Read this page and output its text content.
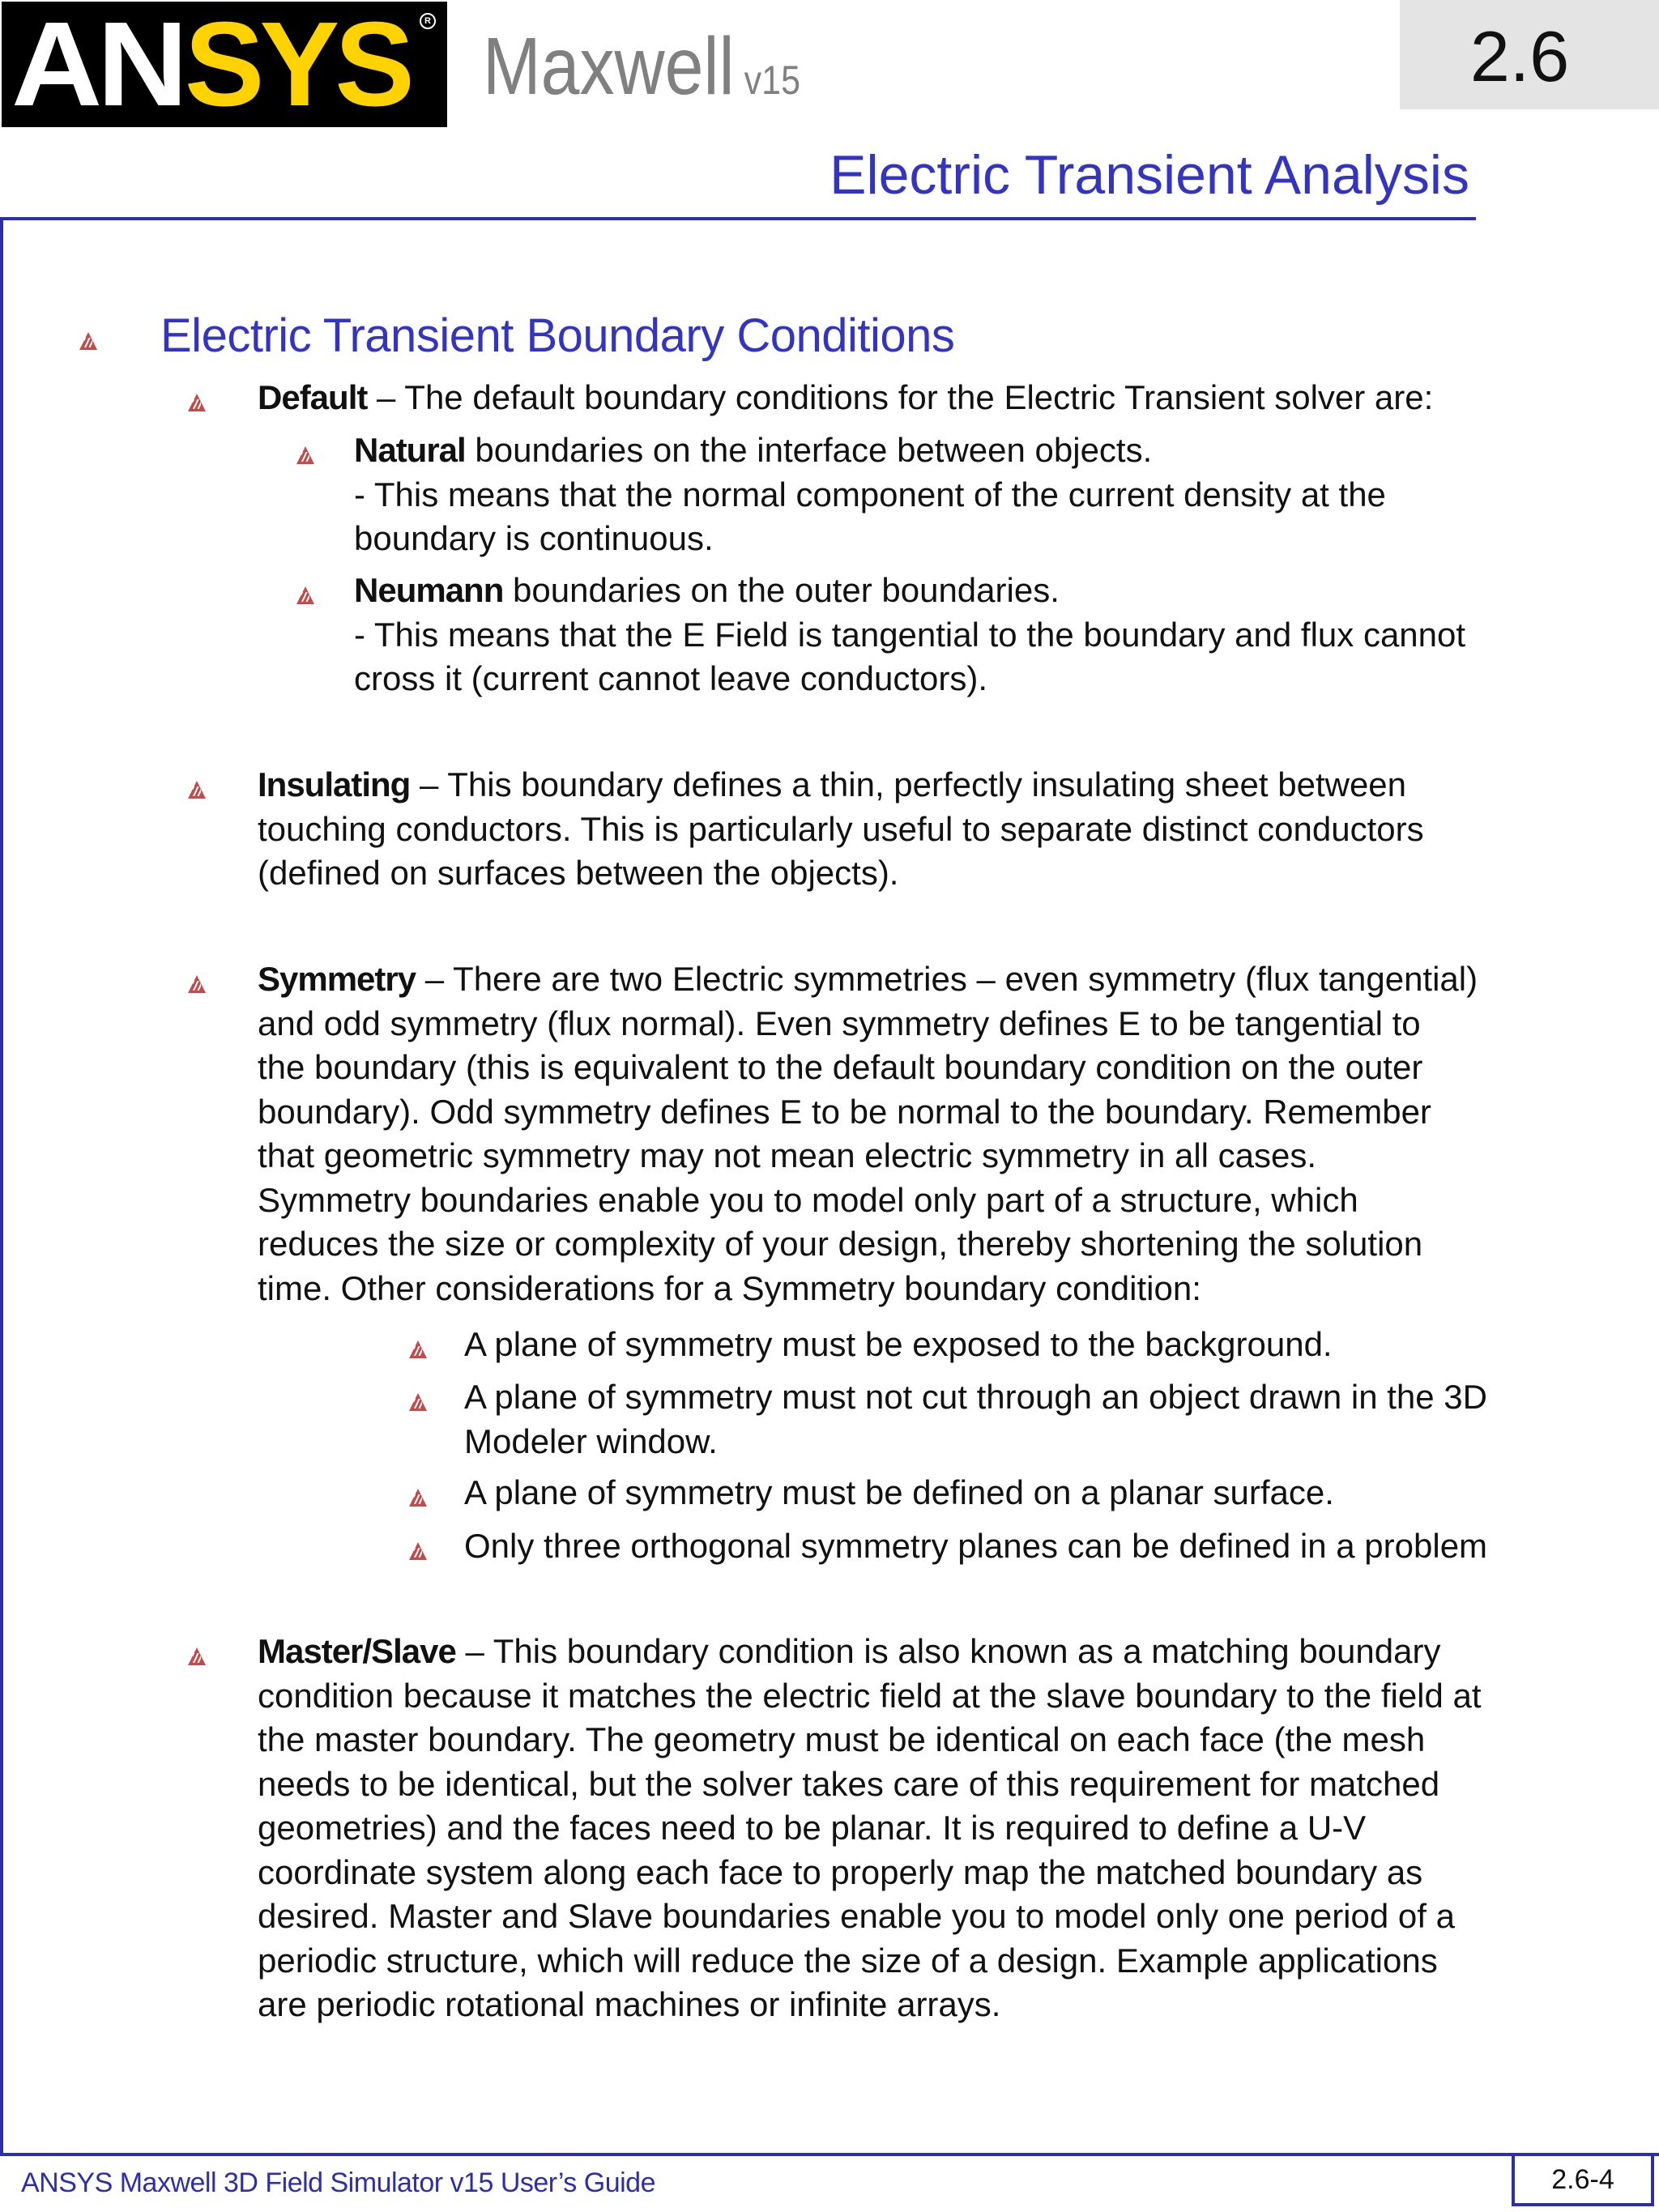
AN SYS	R Maxwell v15	2.6
Electric Transient Analysis
Electric Transient Boundary Conditions
Default – The default boundary conditions for the Electric Transient solver are:
Natural boundaries on the interface between objects.
- This means that the normal component of the current density at the
boundary is continuous.
Neumann boundaries on the outer boundaries.
- This means that the E Field is tangential to the boundary and flux cannot
cross it (current cannot leave conductors).
Insulating – This boundary defines a thin, perfectly insulating sheet between
touching conductors. This is particularly useful to separate distinct conductors
(defined on surfaces between the objects).
Symmetry – There are two Electric symmetries – even symmetry (flux tangential)
and odd symmetry (flux normal). Even symmetry defines E to be tangential to
the boundary (this is equivalent to the default boundary condition on the outer
boundary). Odd symmetry defines E to be normal to the boundary. Remember
that geometric symmetry may not mean electric symmetry in all cases.
Symmetry boundaries enable you to model only part of a structure, which
reduces the size or complexity of your design, thereby shortening the solution
time. Other considerations for a Symmetry boundary condition:
A plane of symmetry must be exposed to the background.
A plane of symmetry must not cut through an object drawn in the 3D
Modeler window.
A plane of symmetry must be defined on a planar surface.
Only three orthogonal symmetry planes can be defined in a problem
Master/Slave – This boundary condition is also known as a matching boundary
condition because it matches the electric field at the slave boundary to the field at
the master boundary. The geometry must be identical on each face (the mesh
needs to be identical, but the solver takes care of this requirement for matched
geometries) and the faces need to be planar. It is required to define a U-V
coordinate system along each face to properly map the matched boundary as
desired. Master and Slave boundaries enable you to model only one period of a
periodic structure, which will reduce the size of a design. Example applications
are periodic rotational machines or infinite arrays.
ANSYS Maxwell 3D Field Simulator v15 User’s Guide	2.6-4
